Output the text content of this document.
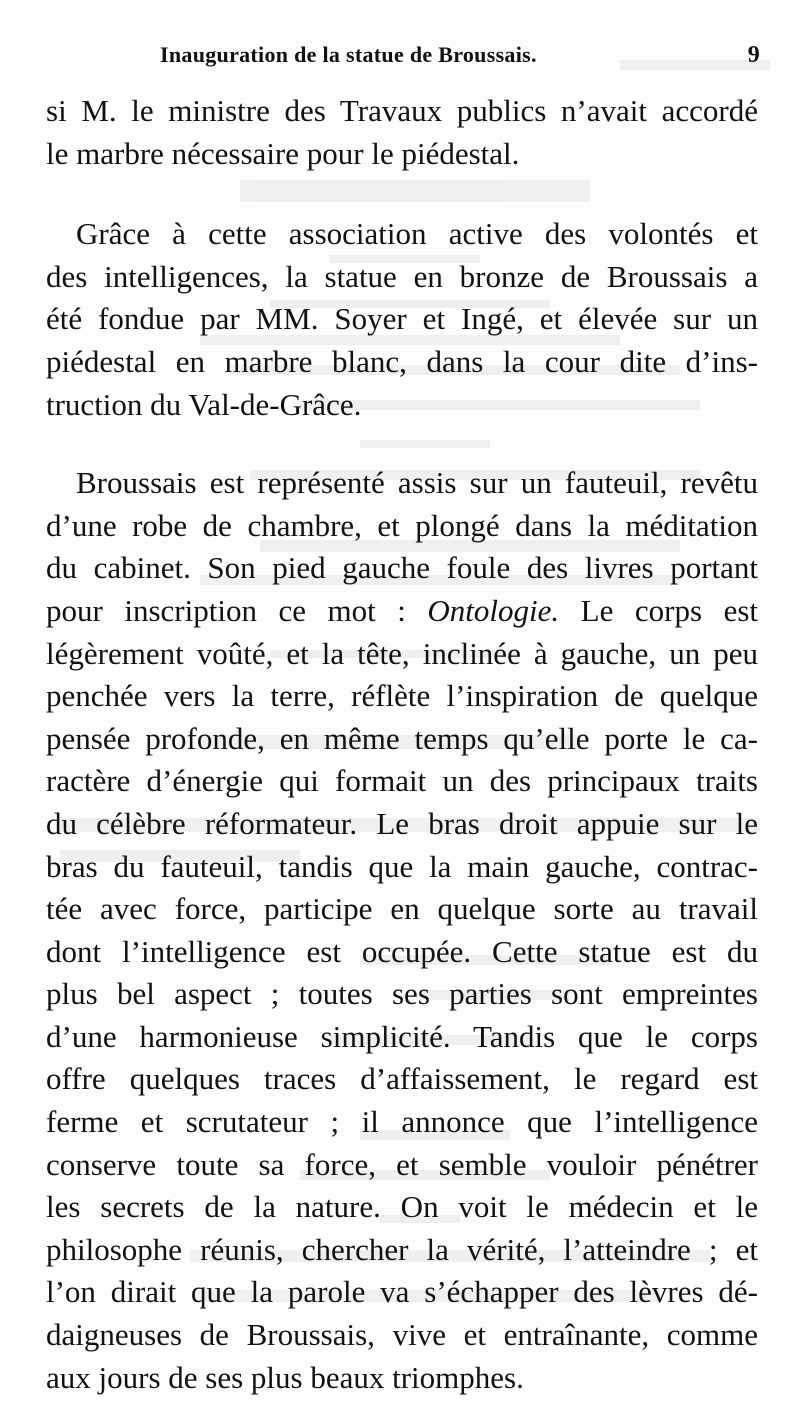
Inauguration de la statue de Broussais.	9
si M. le ministre des Travaux publics n’avait accordé
le marbre nécessaire pour le piédestal.
Grâce à cette association active des volontés et
des intelligences, la statue en bronze de Broussais a
été fondue par MM. Soyer et Ingé, et élevée sur un
piédestal en marbre blanc, dans la cour dite d’ins-
truction du Val-de-Grâce.
Broussais est représenté assis sur un fauteuil, revêtu
d’une robe de chambre, et plongé dans la méditation
du cabinet. Son pied gauche foule des livres portant
pour inscription ce mot : Ontologie. Le corps est
légèrement voûté, et la tête, inclinée à gauche, un peu
penchée vers la terre, réflète l’inspiration de quelque
pensée profonde, en même temps qu’elle porte le ca-
ractère d’énergie qui formait un des principaux traits
du célèbre réformateur. Le bras droit appuie sur le
bras du fauteuil, tandis que la main gauche, contrac-
tée avec force, participe en quelque sorte au travail
dont l’intelligence est occupée. Cette statue est du
plus bel aspect ; toutes ses parties sont empreintes
d’une harmonieuse simplicité. Tandis que le corps
offre quelques traces d’affaissement, le regard est
ferme et scrutateur ; il annonce que l’intelligence
conserve toute sa force, et semble vouloir pénétrer
les secrets de la nature. On voit le médecin et le
philosophe réunis, chercher la vérité, l’atteindre ; et
l’on dirait que la parole va s’échapper des lèvres dé-
daigneuses de Broussais, vive et entraînante, comme
aux jours de ses plus beaux triomphes.
